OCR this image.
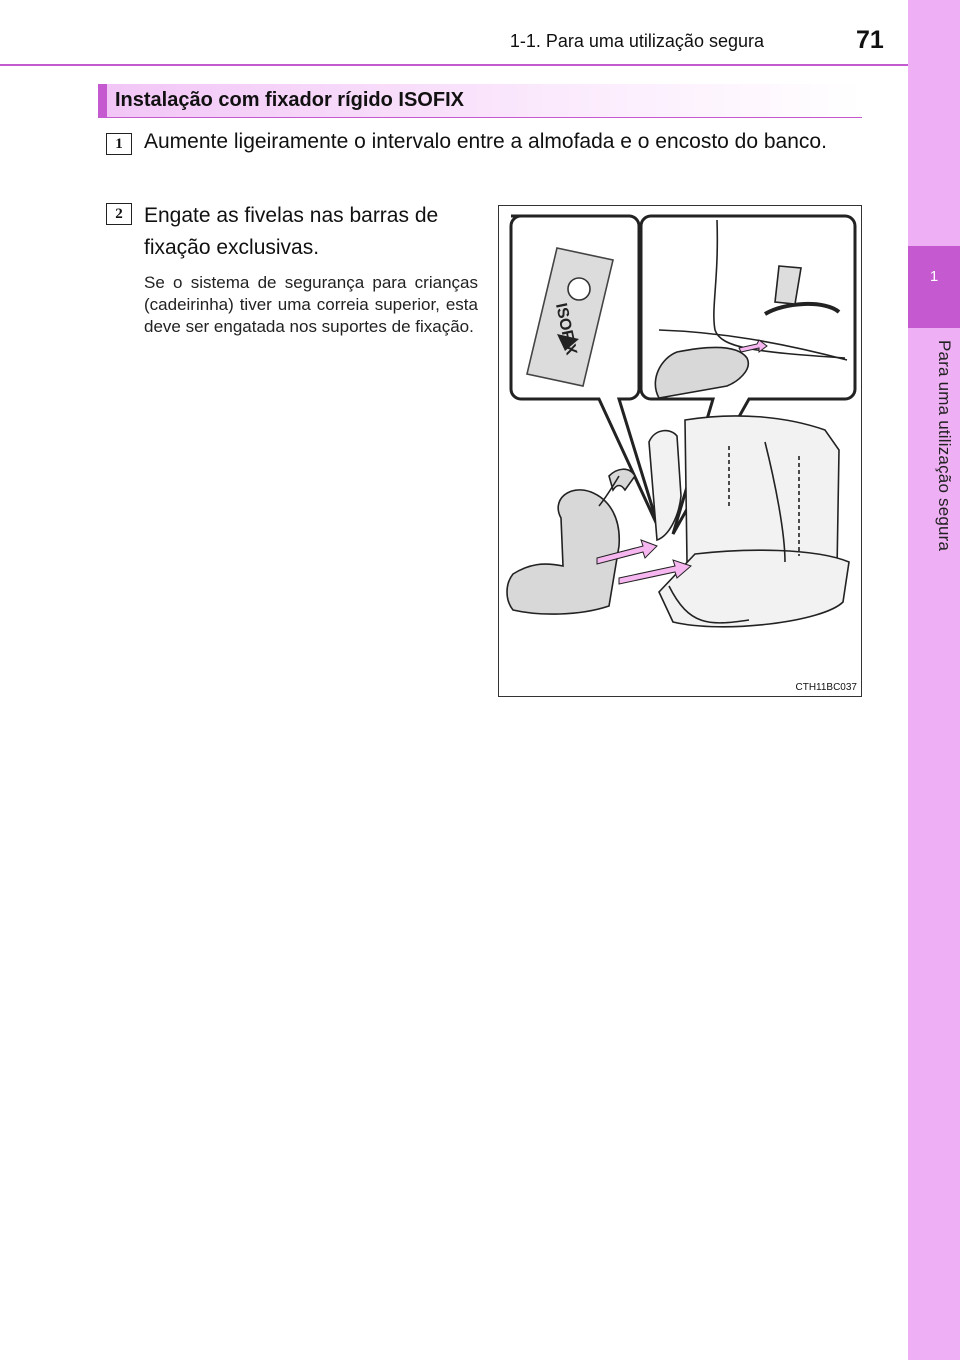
1
Para uma utilização segura
1-1. Para uma utilização segura	71
Instalação com fixador rígido ISOFIX
1	Aumente ligeiramente o intervalo entre a almofada e o encosto do banco.
2	Engate as fivelas nas barras de fixação exclusivas.
Se o sistema de segurança para crianças (cadeirinha) tiver uma correia superior, esta deve ser engatada nos suportes de fixação.	ISOFIX
CTH11BC037
